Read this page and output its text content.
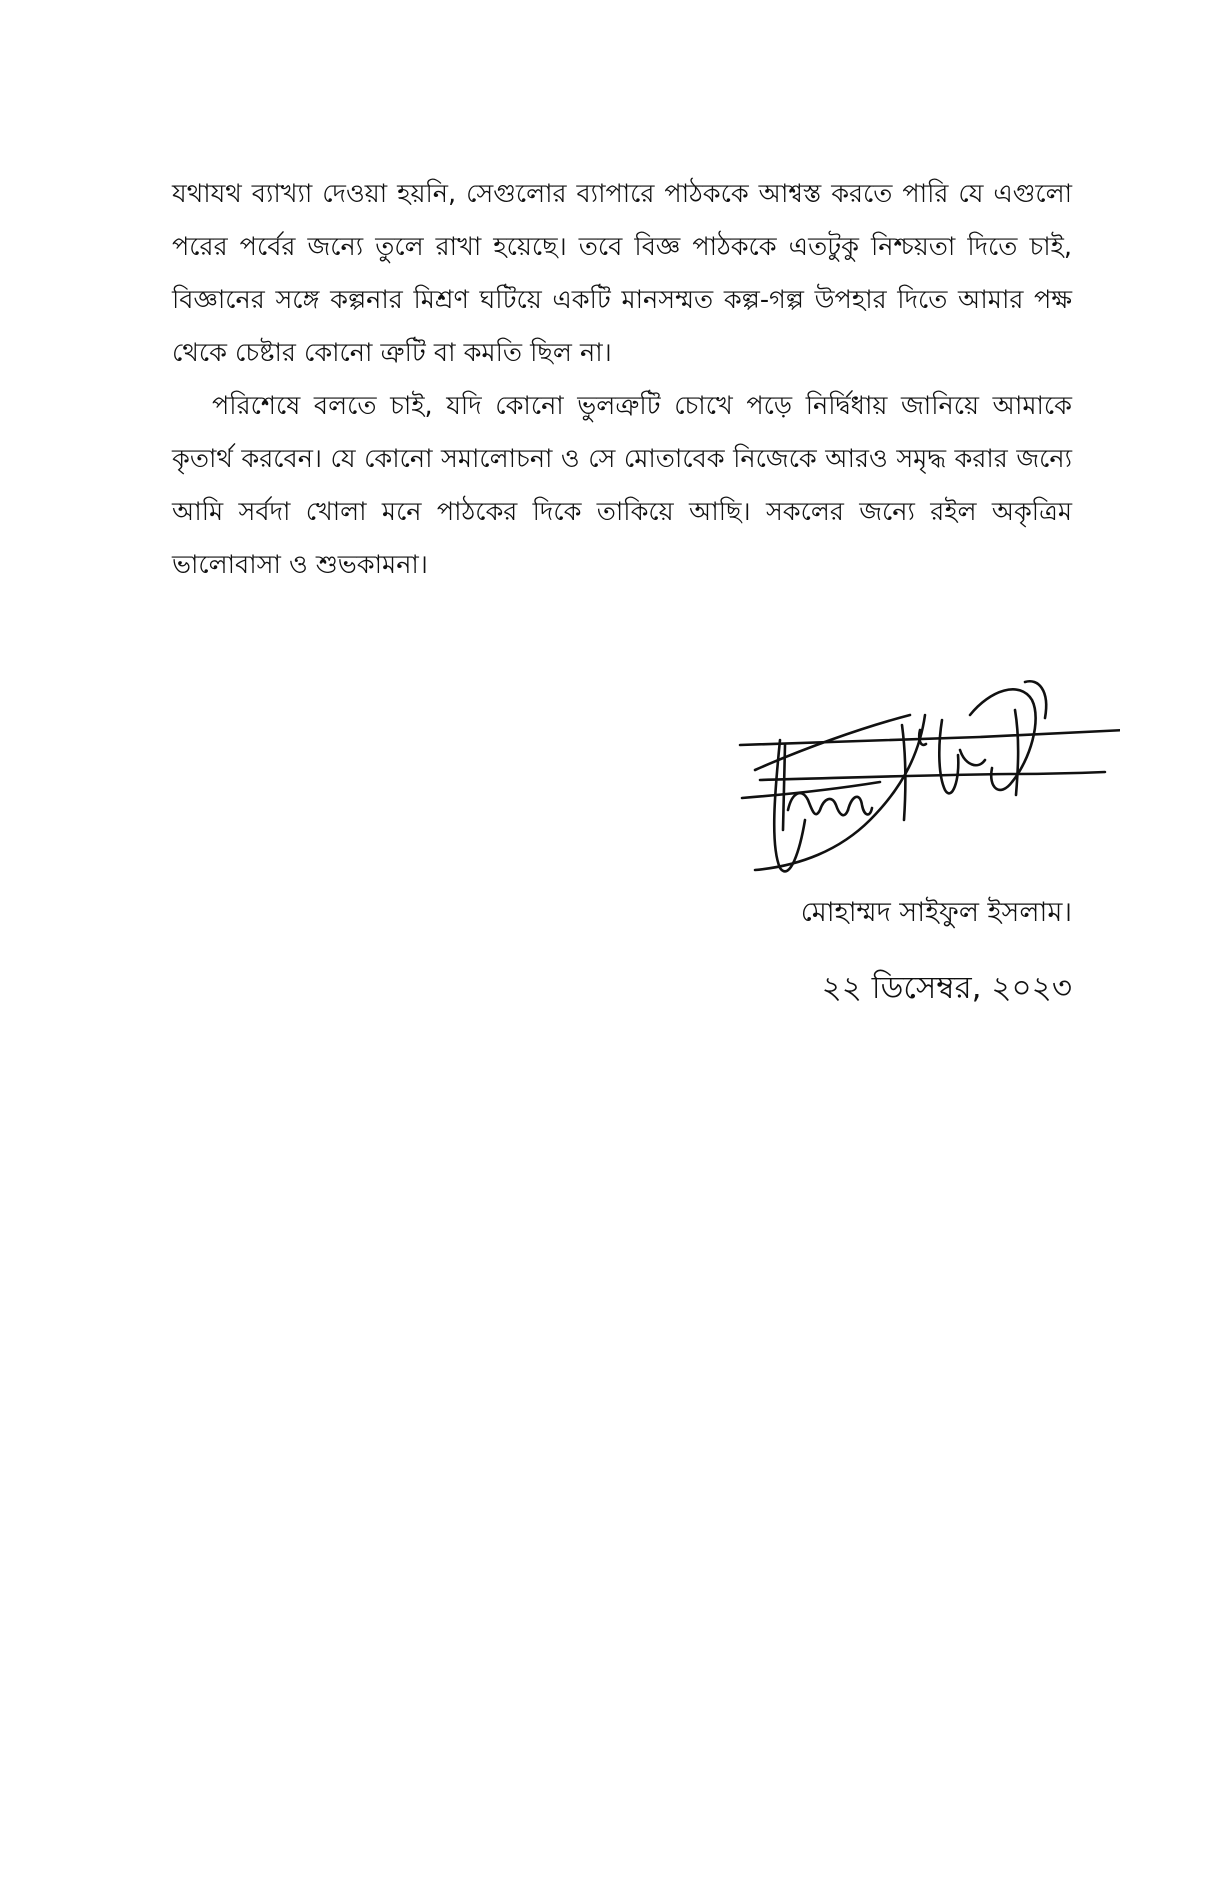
যথাযথ ব্যাখ্যা দেওয়া হয়নি, সেগুলোর ব্যাপারে পাঠককে আশ্বস্ত করতে পারি যে এগুলো পরের পর্বের জন্যে তুলে রাখা হয়েছে। তবে বিজ্ঞ পাঠককে এতটুকু নিশ্চয়তা দিতে চাই, বিজ্ঞানের সঙ্গে কল্পনার মিশ্রণ ঘটিয়ে একটি মানসম্মত কল্প-গল্প উপহার দিতে আমার পক্ষ থেকে চেষ্টার কোনো ত্রুটি বা কমতি ছিল না।

পরিশেষে বলতে চাই, যদি কোনো ভুলত্রুটি চোখে পড়ে নির্দ্বিধায় জানিয়ে আমাকে কৃতার্থ করবেন। যে কোনো সমালোচনা ও সে মোতাবেক নিজেকে আরও সমৃদ্ধ করার জন্যে আমি সর্বদা খোলা মনে পাঠকের দিকে তাকিয়ে আছি। সকলের জন্যে রইল অকৃত্রিম ভালোবাসা ও শুভকামনা।

মোহাম্মদ সাইফুল ইসলাম।
২২ ডিসেম্বর, ২০২৩
